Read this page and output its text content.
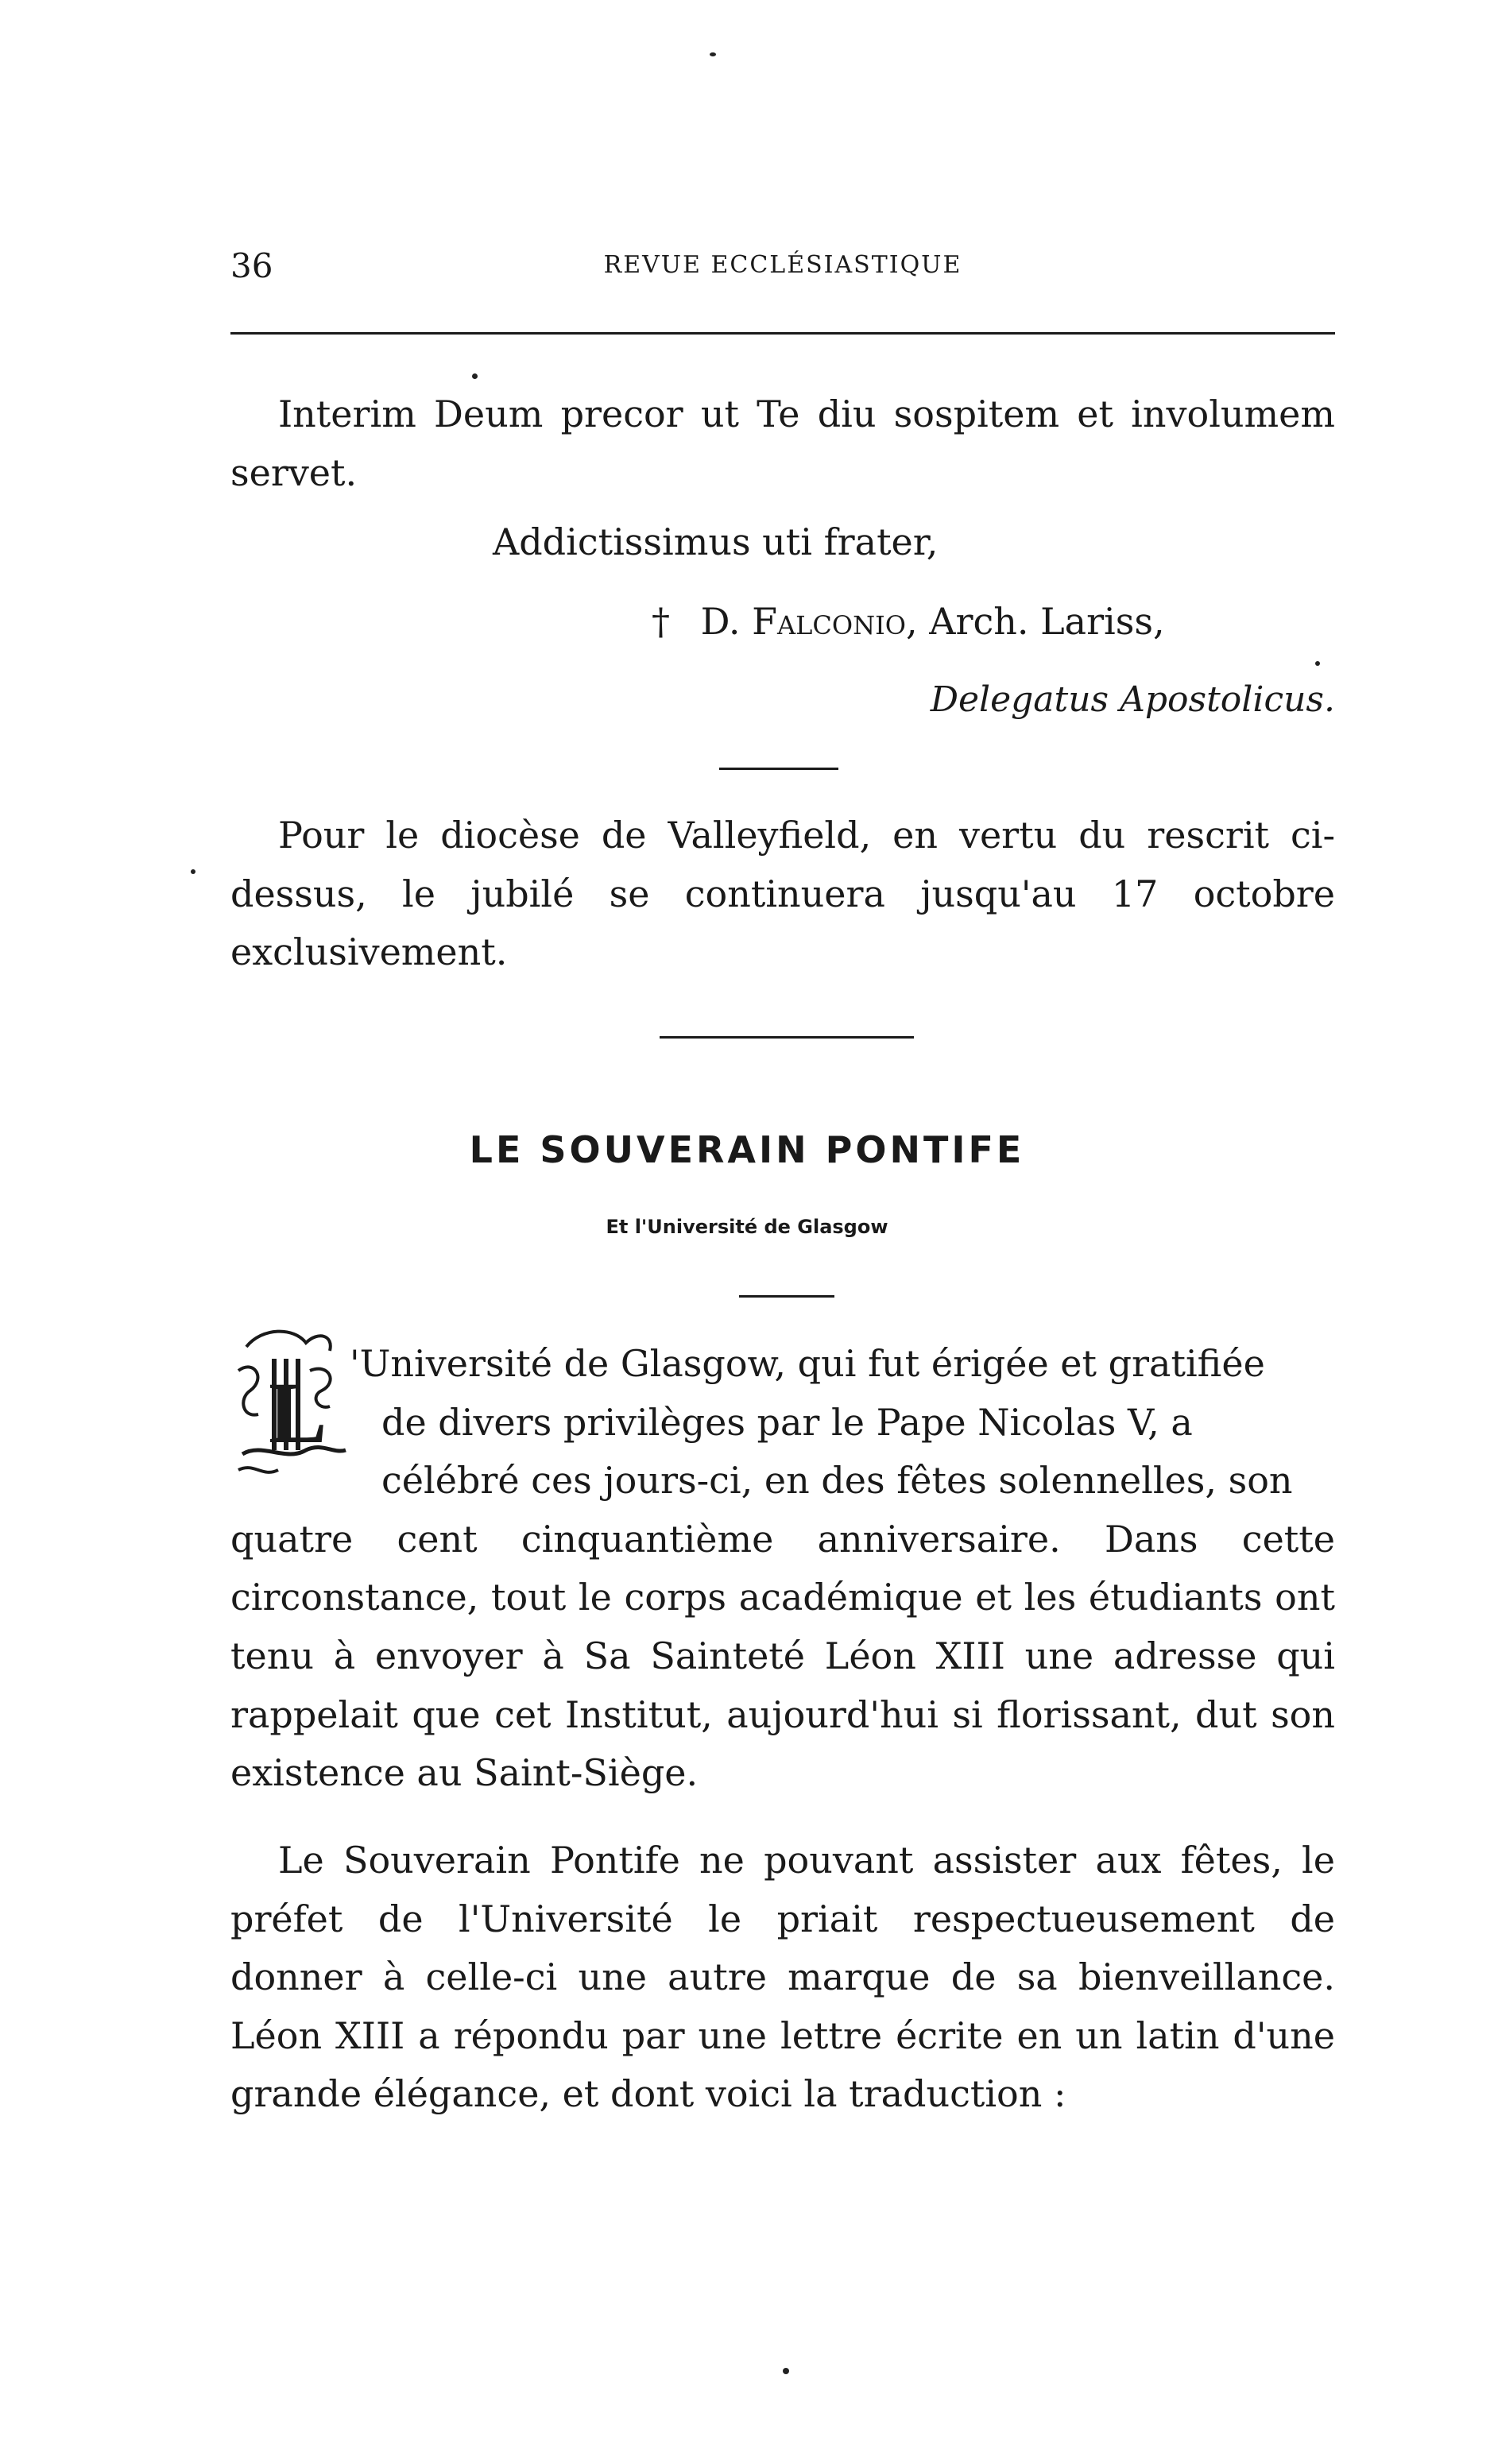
36	REVUE ECCLÉSIASTIQUE
Interim Deum precor ut Te diu sospitem et involumem servet.
Addictissimus uti frater,
† D. Falconio, Arch. Lariss,
Delegatus Apostolicus.
Pour le diocèse de Valleyfield, en vertu du rescrit ci-dessus, le jubilé se continuera jusqu'au 17 octobre exclusivement.
LE SOUVERAIN PONTIFE
Et l'Université de Glasgow
L
'Université de Glasgow, qui fut érigée et gratifiée
de divers privilèges par le Pape Nicolas V, a
célébré ces jours-ci, en des fêtes solennelles, son
quatre cent cinquantième anniversaire. Dans cette circonstance, tout le corps académique et les étudiants ont tenu à envoyer à Sa Sainteté Léon XIII une adresse qui rappelait que cet Institut, aujourd'hui si florissant, dut son existence au Saint-Siège.
Le Souverain Pontife ne pouvant assister aux fêtes, le préfet de l'Université le priait respectueusement de donner à celle-ci une autre marque de sa bienveillance. Léon XIII a répondu par une lettre écrite en un latin d'une grande élégance, et dont voici la traduction :
